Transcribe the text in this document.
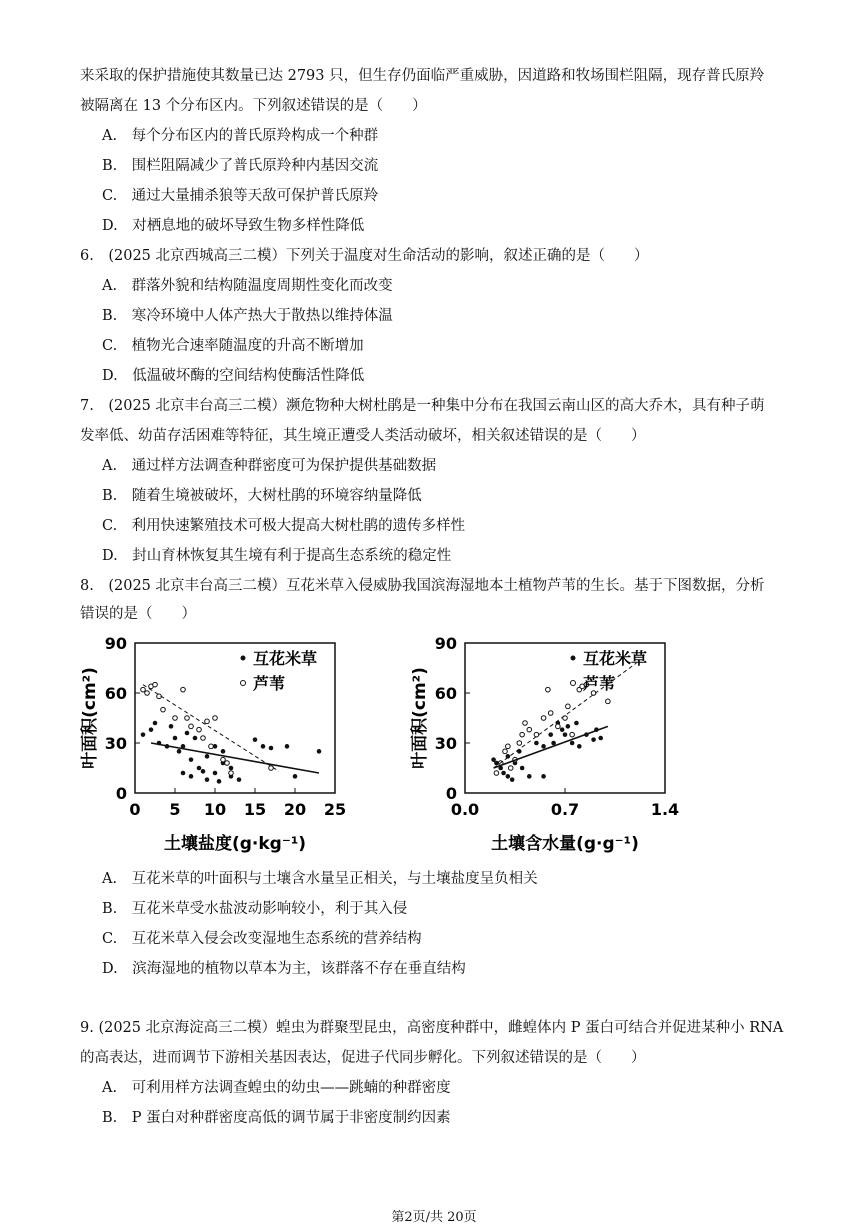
来采取的保护措施使其数量已达 2793 只，但生存仍面临严重威胁，因道路和牧场围栏阻隔，现存普氏原羚
被隔离在 13 个分布区内。下列叙述错误的是（　　）
A.　每个分布区内的普氏原羚构成一个种群
B.　围栏阻隔减少了普氏原羚种内基因交流
C.　通过大量捕杀狼等天敌可保护普氏原羚
D.　对栖息地的破坏导致生物多样性降低
6.　(2025 北京西城高三二模）下列关于温度对生命活动的影响，叙述正确的是（　　）
A.　群落外貌和结构随温度周期性变化而改变
B.　寒冷环境中人体产热大于散热以维持体温
C.　植物光合速率随温度的升高不断增加
D.　低温破坏酶的空间结构使酶活性降低
7.　(2025 北京丰台高三二模）濒危物种大树杜鹃是一种集中分布在我国云南山区的高大乔木，具有种子萌
发率低、幼苗存活困难等特征，其生境正遭受人类活动破坏，相关叙述错误的是（　　）
A.　通过样方法调查种群密度可为保护提供基础数据
B.　随着生境被破坏，大树杜鹃的环境容纳量降低
C.　利用快速繁殖技术可极大提高大树杜鹃的遗传多样性
D.　封山育林恢复其生境有利于提高生态系统的稳定性
8.　(2025 北京丰台高三二模）互花米草入侵威胁我国滨海湿地本土植物芦苇的生长。基于下图数据，分析
错误的是（　　）
A.　互花米草的叶面积与土壤含水量呈正相关，与土壤盐度呈负相关
B.　互花米草受水盐波动影响较小，利于其入侵
C.　互花米草入侵会改变湿地生态系统的营养结构
D.　滨海湿地的植物以草本为主，该群落不存在垂直结构
9. (2025 北京海淀高三二模）蝗虫为群聚型昆虫，高密度种群中，雌蝗体内 P 蛋白可结合并促进某种小 RNA
的高表达，进而调节下游相关基因表达，促进子代同步孵化。下列叙述错误的是（　　）
A.　可利用样方法调查蝗虫的幼虫——跳蝻的种群密度
B.　P 蛋白对种群密度高低的调节属于非密度制约因素
0
30
60
90
0 5 10 15 20 25
土壤盐度(g·kg⁻¹)
叶面积(cm²)
互花米草
芦苇
0
30
60
90
0.0	0.7	1.4
土壤含水量(g·g⁻¹)
叶面积(cm²)
互花米草
芦苇
第2页/共 20页
